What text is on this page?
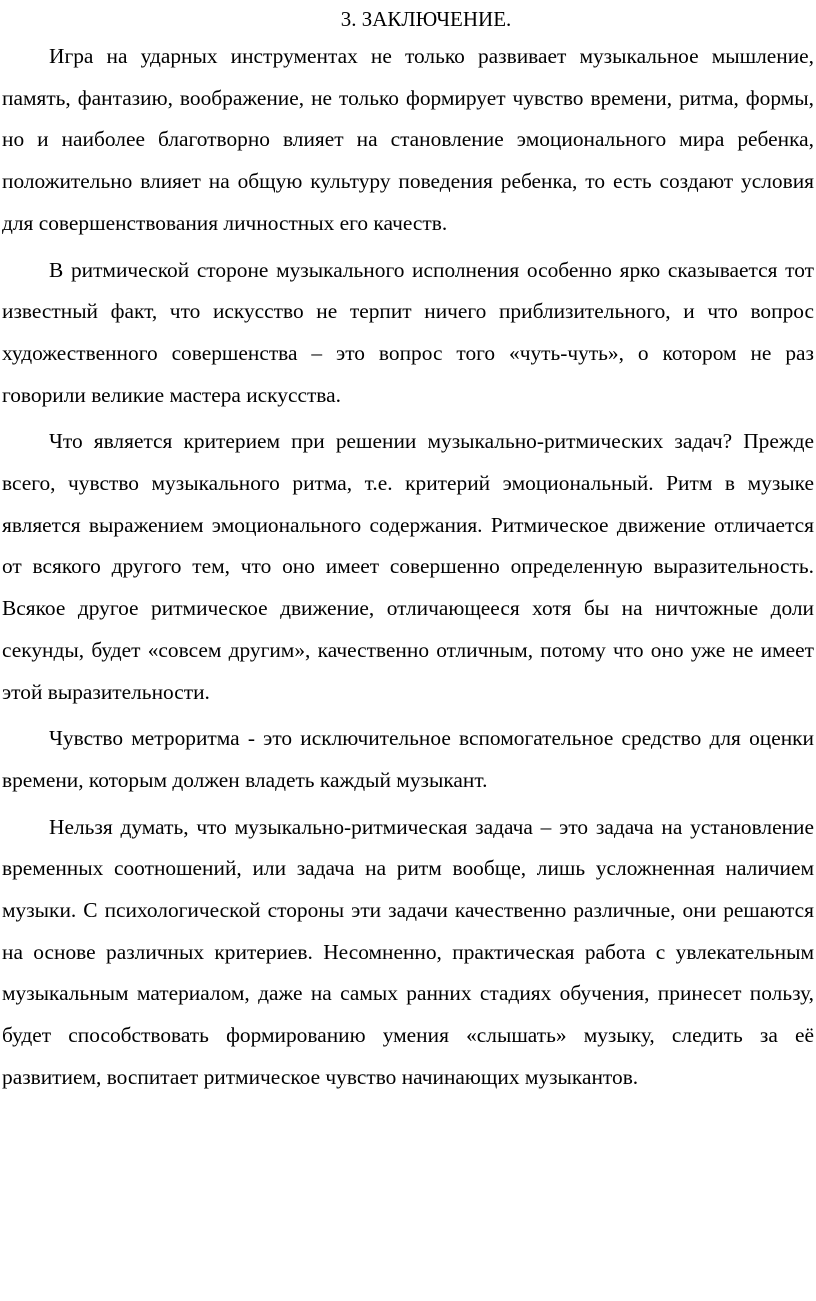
3. ЗАКЛЮЧЕНИЕ.

Игра на ударных инструментах не только развивает музыкальное мышление, память, фантазию, воображение, не только формирует чувство времени, ритма, формы, но и наиболее благотворно влияет на становление эмоционального мира ребенка, положительно влияет на общую культуру поведения ребенка, то есть создают условия для совершенствования личностных его качеств.

В ритмической стороне музыкального исполнения особенно ярко сказывается тот известный факт, что искусство не терпит ничего приблизительного, и что вопрос художественного совершенства – это вопрос того «чуть-чуть», о котором не раз говорили великие мастера искусства.

Что является критерием при решении музыкально-ритмических задач? Прежде всего, чувство музыкального ритма, т.е. критерий эмоциональный. Ритм в музыке является выражением эмоционального содержания. Ритмическое движение отличается от всякого другого тем, что оно имеет совершенно определенную выразительность. Всякое другое ритмическое движение, отличающееся хотя бы на ничтожные доли секунды, будет «совсем другим», качественно отличным, потому что оно уже не имеет этой выразительности.

Чувство метроритма - это исключительное вспомогательное средство для оценки времени, которым должен владеть каждый музыкант.

Нельзя думать, что музыкально-ритмическая задача – это задача на установление временных соотношений, или задача на ритм вообще, лишь усложненная наличием музыки. С психологической стороны эти задачи качественно различные, они решаются на основе различных критериев. Несомненно, практическая работа с увлекательным музыкальным материалом, даже на самых ранних стадиях обучения, принесет пользу, будет способствовать формированию умения «слышать» музыку, следить за её развитием, воспитает ритмическое чувство начинающих музыкантов.
